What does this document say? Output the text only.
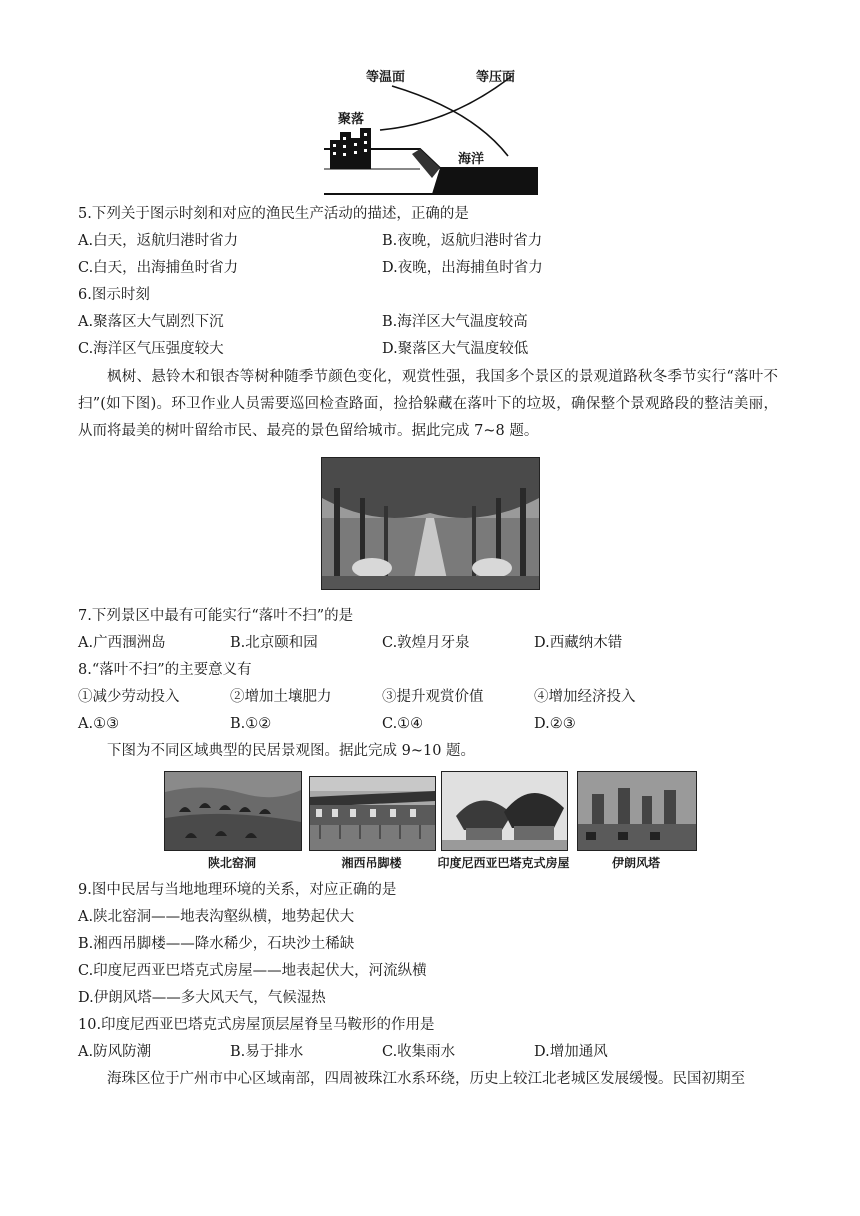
等温面	等压面
聚落
海洋
5.下列关于图示时刻和对应的渔民生产活动的描述，正确的是
A.白天，返航归港时省力	B.夜晚，返航归港时省力
C.白天，出海捕鱼时省力	D.夜晚，出海捕鱼时省力
6.图示时刻
A.聚落区大气剧烈下沉	B.海洋区大气温度较高
C.海洋区气压强度较大	D.聚落区大气温度较低
枫树、悬铃木和银杏等树种随季节颜色变化，观赏性强，我国多个景区的景观道路秋冬季节实行“落叶不扫”(如下图)。环卫作业人员需要巡回检查路面，捡拾躲藏在落叶下的垃圾，确保整个景观路段的整洁美丽，从而将最美的树叶留给市民、最亮的景色留给城市。据此完成 7~8 题。
7.下列景区中最有可能实行“落叶不扫”的是
A.广西涠洲岛	B.北京颐和园	C.敦煌月牙泉	D.西藏纳木错
8.“落叶不扫”的主要意义有
①减少劳动投入	②增加土壤肥力	③提升观赏价值	④增加经济投入
A.①③	B.①②	C.①④	D.②③
下图为不同区域典型的民居景观图。据此完成 9~10 题。
陕北窑洞	湘西吊脚楼	印度尼西亚巴塔克式房屋	伊朗风塔
9.图中民居与当地地理环境的关系，对应正确的是
A.陕北窑洞——地表沟壑纵横，地势起伏大
B.湘西吊脚楼——降水稀少，石块沙土稀缺
C.印度尼西亚巴塔克式房屋——地表起伏大，河流纵横
D.伊朗风塔——多大风天气，气候湿热
10.印度尼西亚巴塔克式房屋顶层屋脊呈马鞍形的作用是
A.防风防潮	B.易于排水	C.收集雨水	D.增加通风
海珠区位于广州市中心区域南部，四周被珠江水系环绕，历史上较江北老城区发展缓慢。民国初期至
